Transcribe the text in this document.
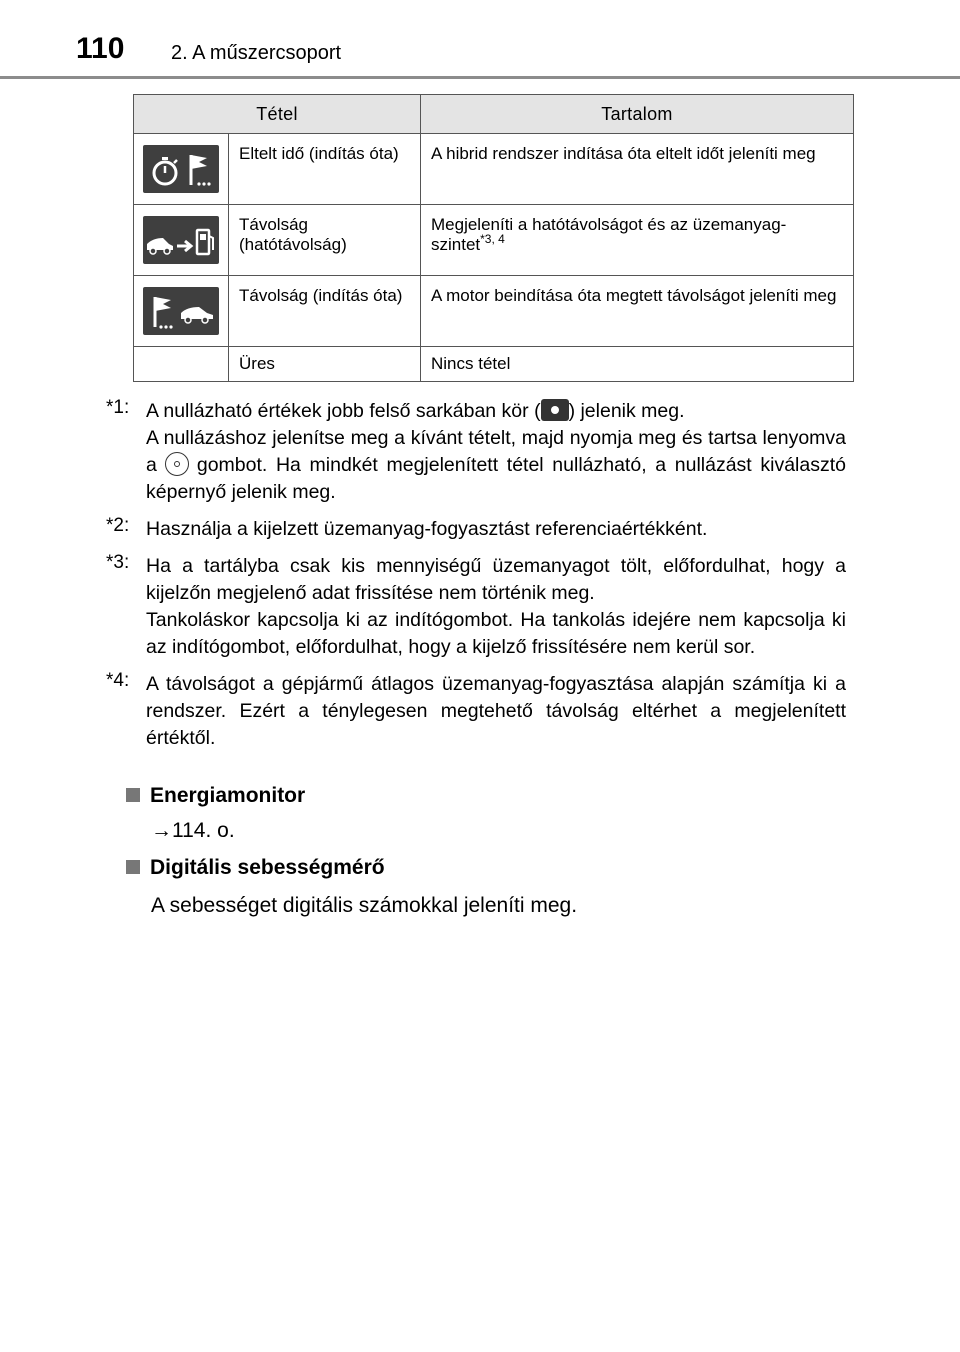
110 2. A műszercsoport
Tétel		Tartalom

	Eltelt idő (indítás óta)	A hibrid rendszer indítása óta eltelt időt jeleníti meg

	Távolság (hatótávolság)	Megjeleníti a hatótávolságot és az üzemanyag-szintet$^{*3, 4}$

	Távolság (indítás óta)	A motor beindítása óta megtett távolságot jeleníti meg
	Üres	Nincs tétel
*1: A nullázható értékek jobb felső sarkában kör ( ) jelenik meg.
A nullázáshoz jelenítse meg a kívánt tételt, majd nyomja meg és tartsa lenyomva a gombot. Ha mindkét megjelenített tétel nullázható, a nullázást kiválasztó képernyő jelenik meg.

*2: Használja a kijelzett üzemanyag-fogyasztást referenciaértékként.

*3: Ha a tartályba csak kis mennyiségű üzemanyagot tölt, előfordulhat, hogy a kijelzőn megjelenő adat frissítése nem történik meg.

Tankoláskor kapcsolja ki az indítógombot. Ha tankolás idejére nem kapcsolja ki az indítógombot, előfordulhat, hogy a kijelző frissítésére nem kerül sor.

*4: A távolságot a gépjármű átlagos üzemanyag-fogyasztása alapján számítja ki a rendszer. Ezért a ténylegesen megtehető távolság eltérhet a megjelenített értéktől.

Energiamonitor
→114. o.
Digitális sebességmérő
A sebességet digitális számokkal jeleníti meg.
